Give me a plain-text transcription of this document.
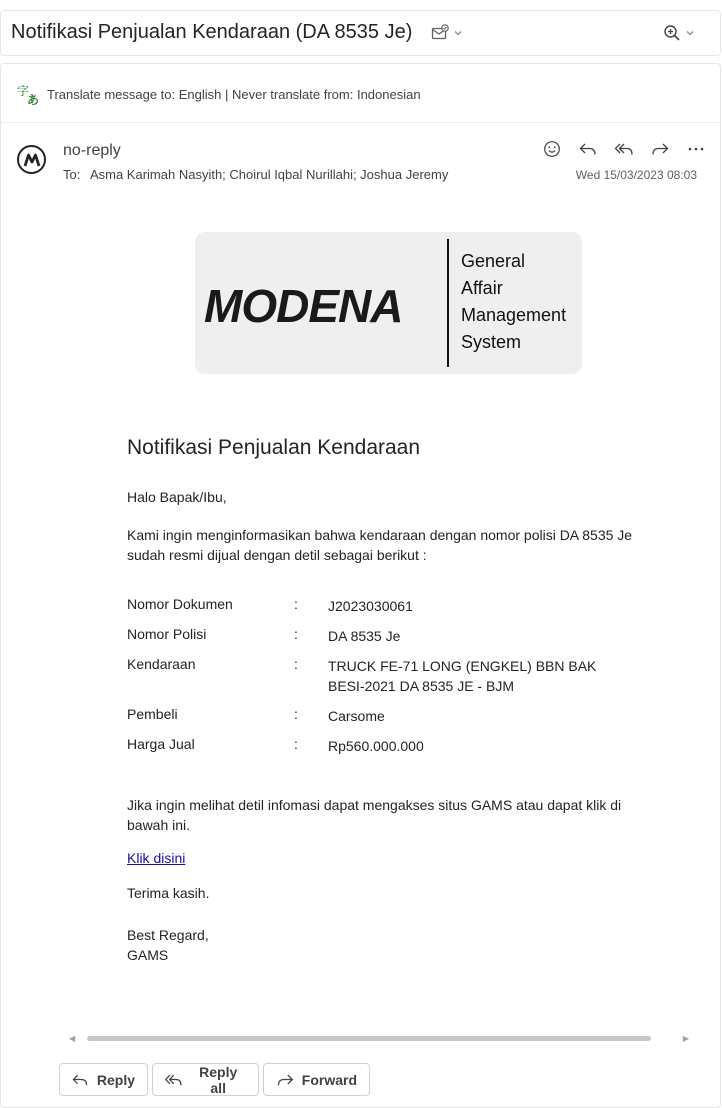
Notifikasi Penjualan Kendaraan (DA 8535 Je)
字
あ Translate message to: English | Never translate from: Indonesian
no-reply
To: Asma Karimah Nasyith; Choirul Iqbal Nurillahi; Joshua Jeremy	Wed 15/03/2023 08:03
MODENA
General
Affair
Management
System
Notifikasi Penjualan Kendaraan
Halo Bapak/Ibu,
Kami ingin menginformasikan bahwa kendaraan dengan nomor polisi DA 8535 Je sudah resmi dijual dengan detil sebagai berikut :
Nomor Dokumen	: J2023030061
Nomor Polisi	: DA 8535 Je
Kendaraan	: TRUCK FE-71 LONG (ENGKEL) BBN BAK BESI-2021 DA 8535 JE - BJM
Pembeli	: Carsome
Harga Jual	: Rp560.000.000
Jika ingin melihat detil infomasi dapat mengakses situs GAMS atau dapat klik di bawah ini.
Klik disini
Terima kasih.
Best Regard,
GAMS
◀	▶
Reply	Reply all	Forward
